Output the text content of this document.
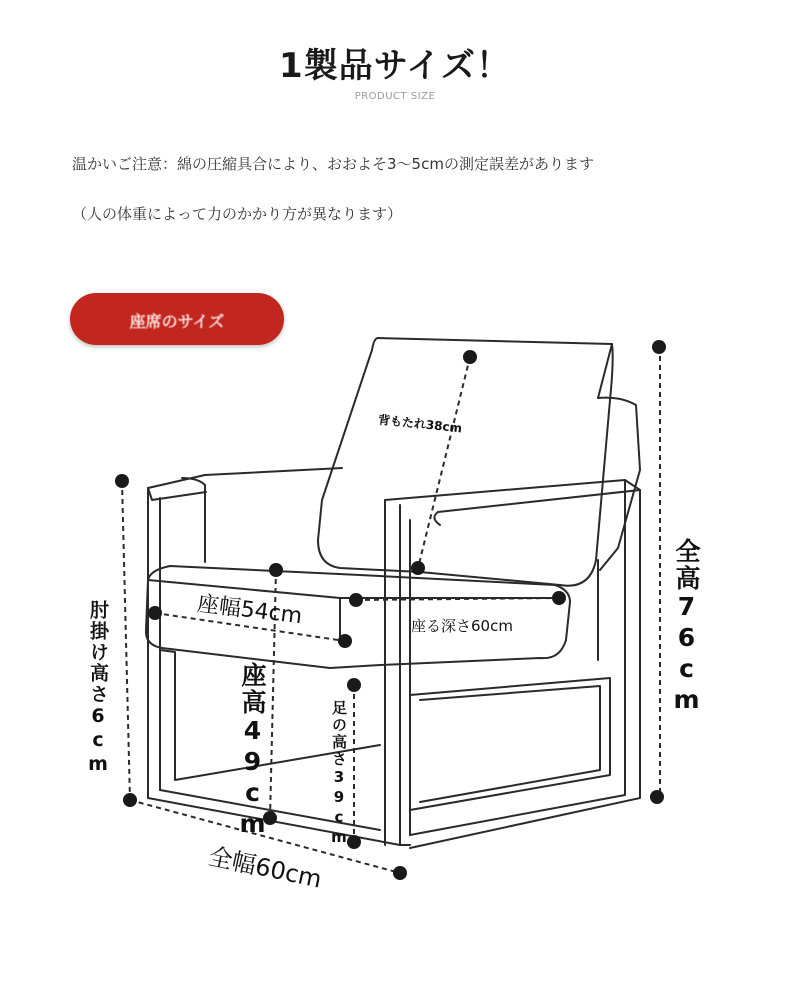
1製品サイズ！
PRODUCT SIZE
温かいご注意：綿の圧縮具合により、おおよそ3〜5cmの測定誤差があります
（人の体重によって力のかかり方が異なります）
座席のサイズ
背もたれ38cm
全高76cm
肘掛け高さ6cm	座幅54cm	座る深さ60cm
座高49cm	足の高さ39cm
全幅60cm
